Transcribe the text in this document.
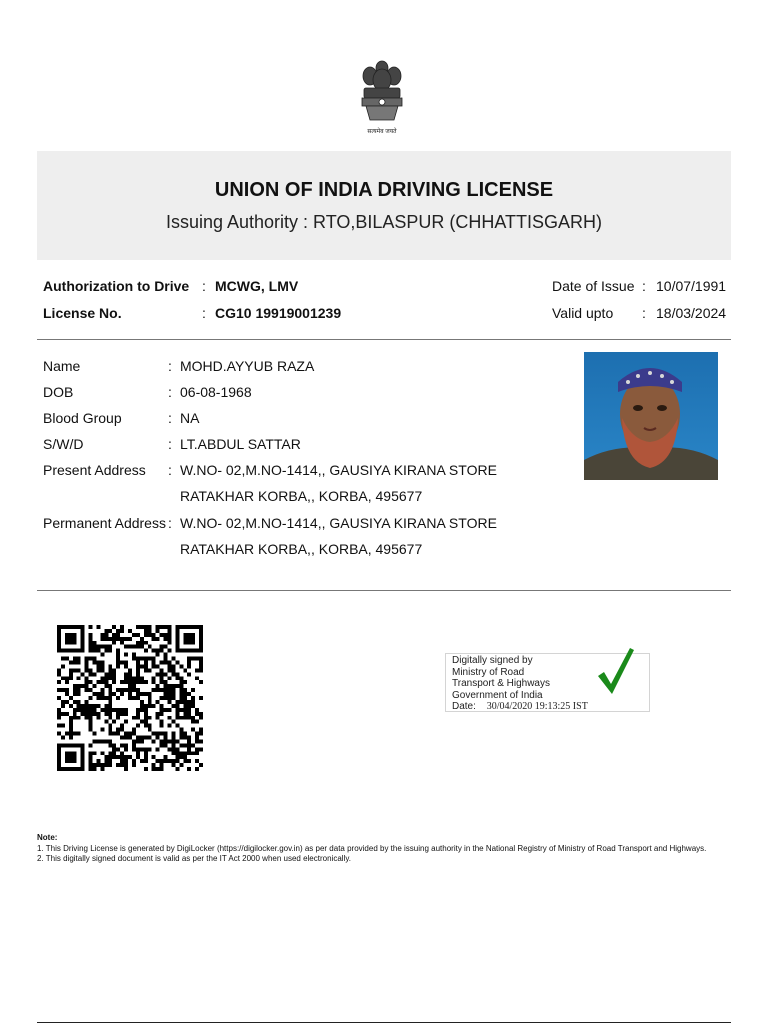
सत्यमेव जयते
UNION OF INDIA DRIVING LICENSE
Issuing Authority : RTO,BILASPUR (CHHATTISGARH)
Authorization to Drive : MCWG, LMV
License No.	: CG10 19919001239
Date of Issue : 10/07/1991
Valid upto : 18/03/2024
Name	: MOHD.AYYUB RAZA
DOB	: 06-08-1968
Blood Group	: NA
S/W/D	: LT.ABDUL SATTAR
Present Address : W.NO- 02,M.NO-1414,, GAUSIYA KIRANA STORE
RATAKHAR KORBA,, KORBA, 495677
Permanent Address : W.NO- 02,M.NO-1414,, GAUSIYA KIRANA STORE
RATAKHAR KORBA,, KORBA, 495677
Digitally signed by
Ministry of Road
Transport & Highways
Government of India
Date: 30/04/2020 19:13:25 IST
Note:
1. This Driving License is generated by DigiLocker (https://digilocker.gov.in) as per data provided by the issuing authority in the National Registry of Ministry of Road Transport and Highways.
2. This digitally signed document is valid as per the IT Act 2000 when used electronically.
